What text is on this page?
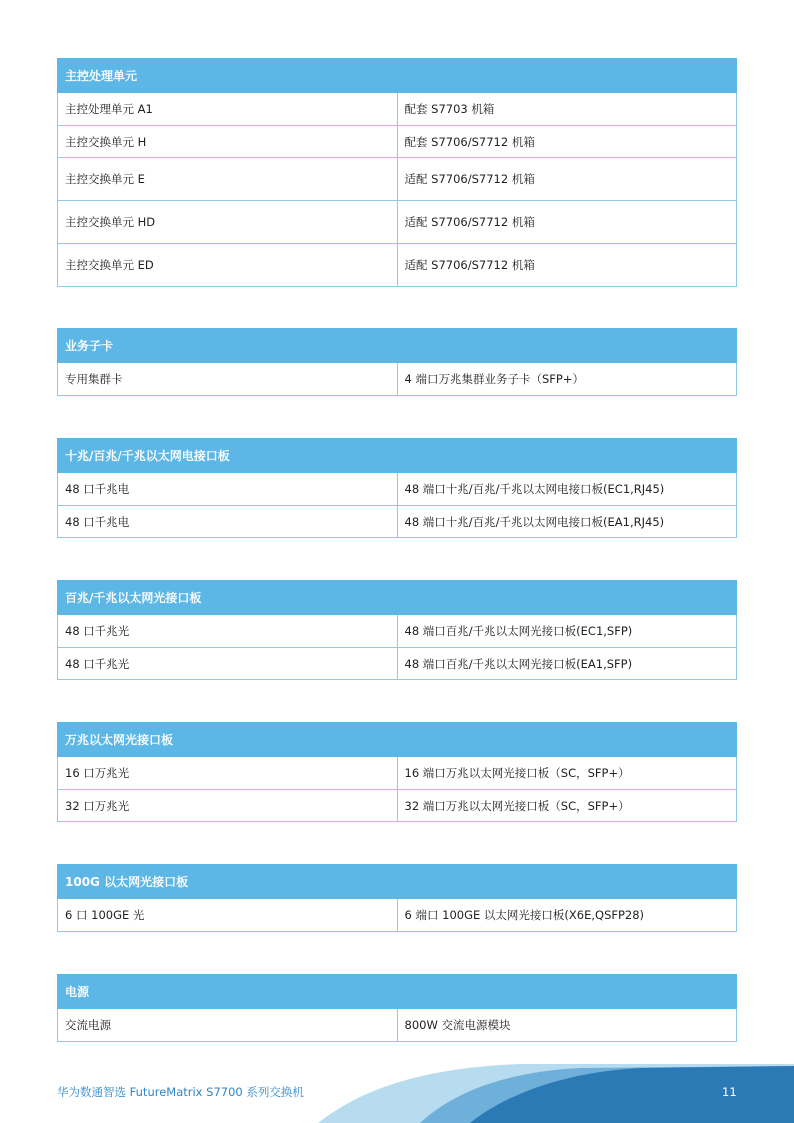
主控处理单元	
主控处理单元 A1	配套 S7703 机箱
主控交换单元 H	配套 S7706/S7712 机箱
主控交换单元 E	适配 S7706/S7712 机箱
主控交换单元 HD	适配 S7706/S7712 机箱
主控交换单元 ED	适配 S7706/S7712 机箱
业务子卡
专用集群卡	4 端口万兆集群业务子卡（SFP+）
十兆/百兆/千兆以太网电接口板	
48 口千兆电	48 端口十兆/百兆/千兆以太网电接口板(EC1,RJ45)
48 口千兆电	48 端口十兆/百兆/千兆以太网电接口板(EA1,RJ45)
百兆/千兆以太网光接口板	
48 口千兆光	48 端口百兆/千兆以太网光接口板(EC1,SFP)
48 口千兆光	48 端口百兆/千兆以太网光接口板(EA1,SFP)
万兆以太网光接口板	
16 口万兆光	16 端口万兆以太网光接口板（SC，SFP+）
32 口万兆光	32 端口万兆以太网光接口板（SC，SFP+）
100G 以太网光接口板
6 口 100GE 光	6 端口 100GE 以太网光接口板(X6E,QSFP28)
电源
交流电源	800W 交流电源模块
华为数通智选 FutureMatrix S7700 系列交换机	11
